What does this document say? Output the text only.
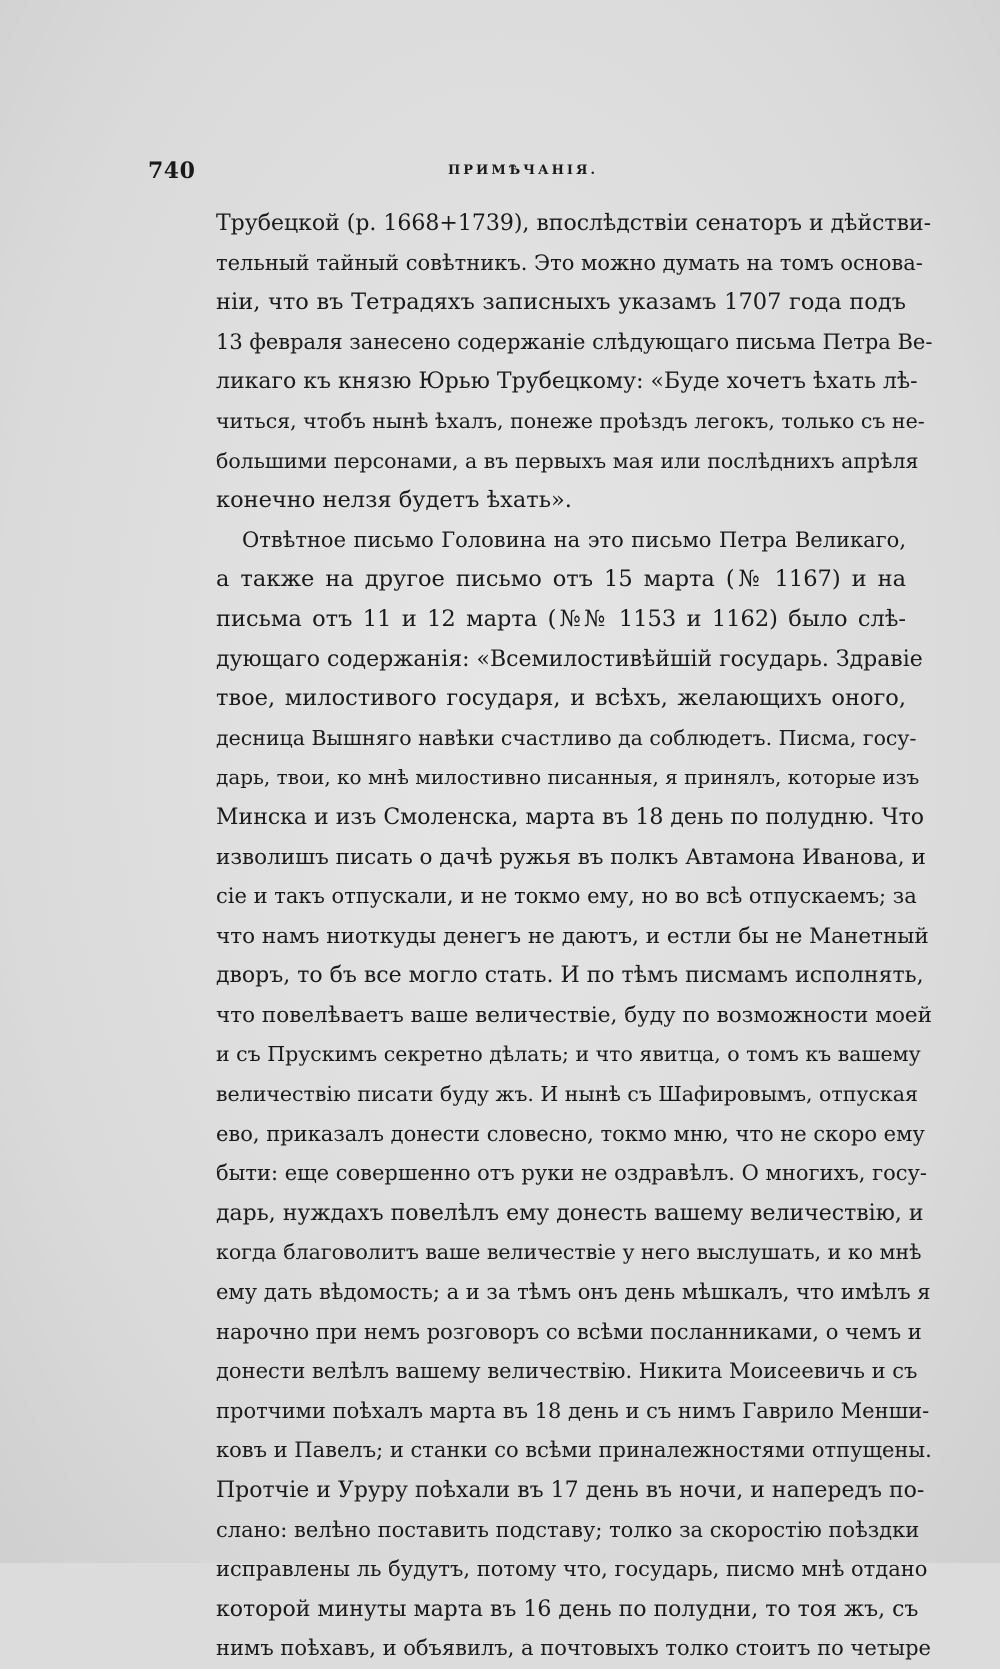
740	ПРИМѢЧАНІЯ.
Трубецкой (р. 1668+1739), впослѣдствіи сенаторъ и дѣйстви-
тельный тайный совѣтникъ. Это можно думать на томъ основа-
ніи, что въ Тетрадяхъ записныхъ указамъ 1707 года подъ
13 февраля занесено содержаніе слѣдующаго письма Петра Ве-
ликаго къ князю Юрью Трубецкому: «Буде хочетъ ѣхать лѣ-
читься, чтобъ нынѣ ѣхалъ, понеже проѣздъ легокъ, только съ не-
большими персонами, а въ первыхъ мая или послѣднихъ апрѣля
конечно нелзя будетъ ѣхать».
Отвѣтное письмо Головина на это письмо Петра Великаго,
а также на другое письмо отъ 15 марта (№ 1167) и на
письма отъ 11 и 12 марта (№№ 1153 и 1162) было слѣ-
дующаго содержанія: «Всемилостивѣйшій государь. Здравіе
твое, милостивого государя, и всѣхъ, желающихъ оного,
десница Вышняго навѣки счастливо да соблюдетъ. Писма, госу-
дарь, твои, ко мнѣ милостивно писанныя, я принялъ, которые изъ
Минска и изъ Смоленска, марта въ 18 день по полудню. Что
изволишъ писать о дачѣ ружья въ полкъ Автамона Иванова, и
сіе и такъ отпускали, и не токмо ему, но во всѣ отпускаемъ; за
что намъ ниоткуды денегъ не даютъ, и естли бы не Манетный
дворъ, то бъ все могло стать. И по тѣмъ писмамъ исполнять,
что повелѣваетъ ваше величествіе, буду по возможности моей
и съ Прускимъ секретно дѣлать; и что явитца, о томъ къ вашему
величествію писати буду жъ. И нынѣ съ Шафировымъ, отпуская
ево, приказалъ донести словесно, токмо мню, что не скоро ему
быти: еще совершенно отъ руки не оздравѣлъ. О многихъ, госу-
дарь, нуждахъ повелѣлъ ему донесть вашему величествію, и
когда благоволитъ ваше величествіе у него выслушать, и ко мнѣ
ему дать вѣдомость; а и за тѣмъ онъ день мѣшкалъ, что имѣлъ я
нарочно при немъ розговоръ со всѣми посланниками, о чемъ и
донести велѣлъ вашему величествію. Никита Моисеевичь и съ
протчими поѣхалъ марта въ 18 день и съ нимъ Гаврило Менши-
ковъ и Павелъ; и станки со всѣми приналежностями отпущены.
Протчіе и Уруру поѣхали въ 17 день въ ночи, и напередъ по-
слано: велѣно поставить подставу; толко за скоростію поѣздки
исправлены ль будутъ, потому что, государь, писмо мнѣ отдано
которой минуты марта въ 16 день по полудни, то тоя жъ, съ
нимъ поѣхавъ, и объявилъ, а почтовыхъ толко стоитъ по четыре
